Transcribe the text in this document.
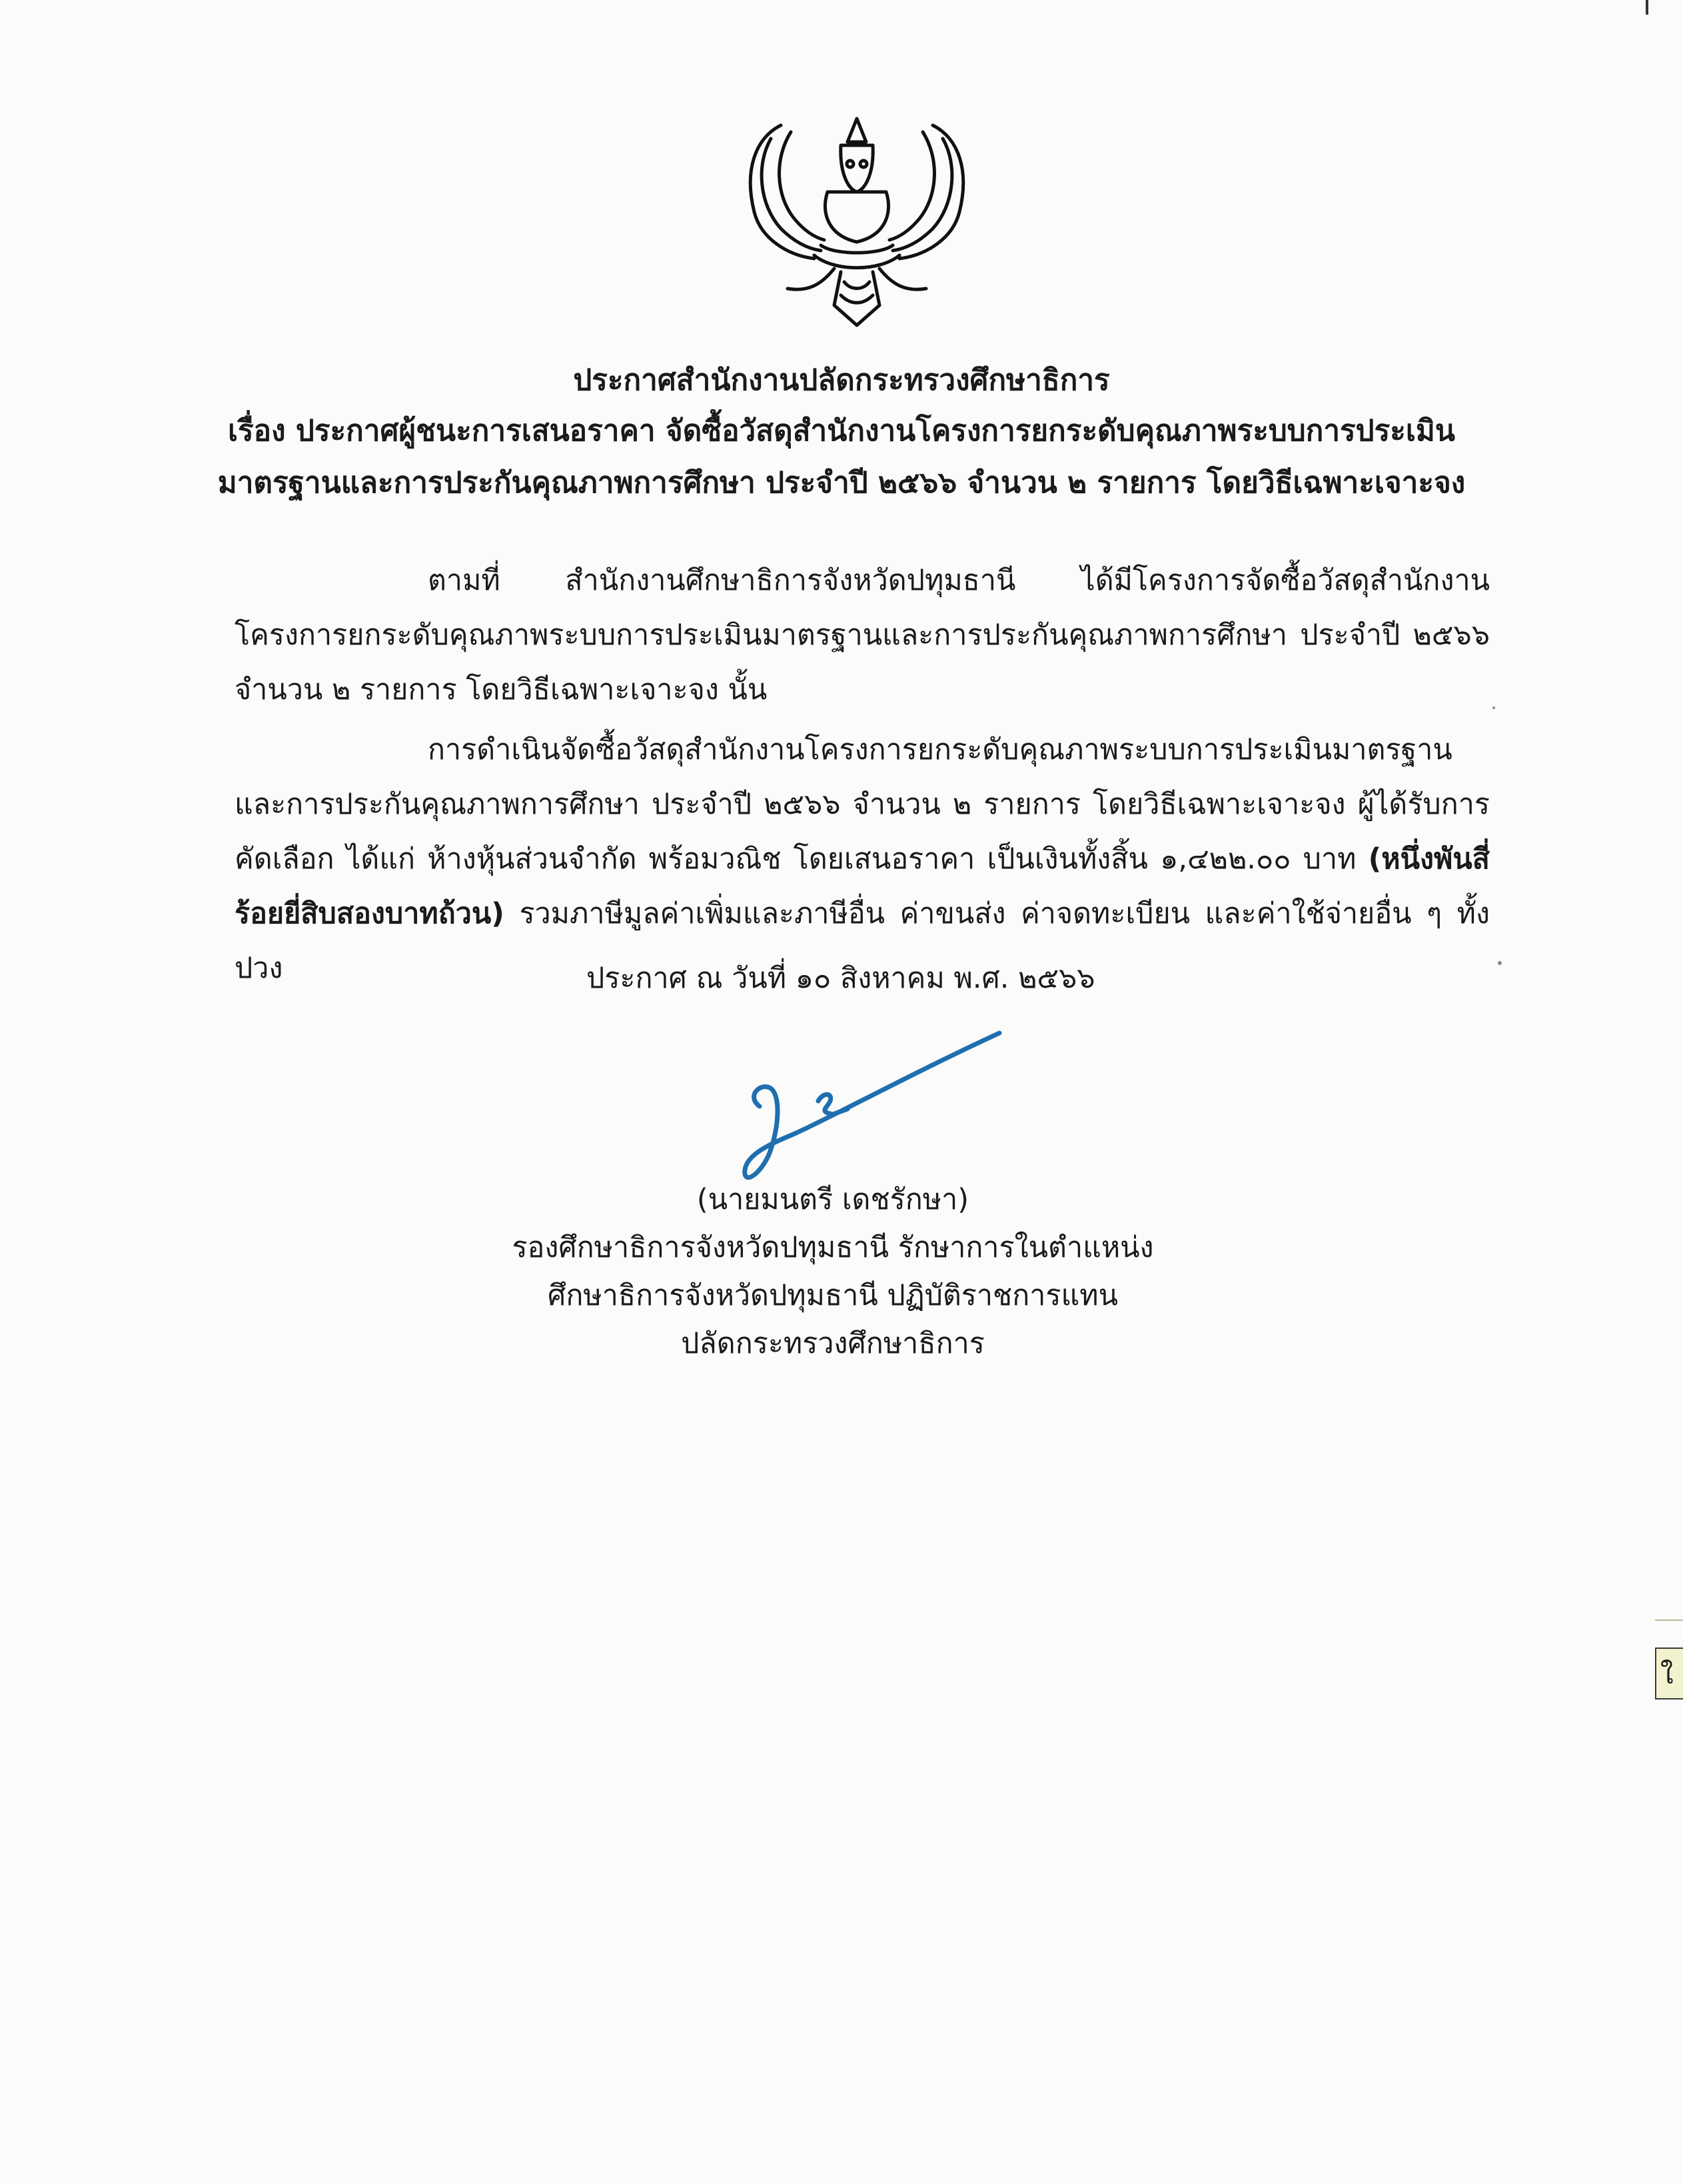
ประกาศสำนักงานปลัดกระทรวงศึกษาธิการ
เรื่อง ประกาศผู้ชนะการเสนอราคา จัดซื้อวัสดุสำนักงานโครงการยกระดับคุณภาพระบบการประเมิน
มาตรฐานและการประกันคุณภาพการศึกษา ประจำปี ๒๕๖๖ จำนวน ๒ รายการ โดยวิธีเฉพาะเจาะจง
ตามที่ สำนักงานศึกษาธิการจังหวัดปทุมธานี ได้มีโครงการจัดซื้อวัสดุสำนักงานโครงการยกระดับคุณภาพระบบการประเมินมาตรฐานและการประกันคุณภาพการศึกษา ประจำปี ๒๕๖๖ จำนวน ๒ รายการ โดยวิธีเฉพาะเจาะจง นั้น
การดำเนินจัดซื้อวัสดุสำนักงานโครงการยกระดับคุณภาพระบบการประเมินมาตรฐานและการประกันคุณภาพการศึกษา ประจำปี ๒๕๖๖ จำนวน ๒ รายการ โดยวิธีเฉพาะเจาะจง ผู้ได้รับการคัดเลือก ได้แก่ ห้างหุ้นส่วนจำกัด พร้อมวณิช โดยเสนอราคา เป็นเงินทั้งสิ้น ๑,๔๒๒.๐๐ บาท (หนึ่งพันสี่ร้อยยี่สิบสองบาทถ้วน) รวมภาษีมูลค่าเพิ่มและภาษีอื่น ค่าขนส่ง ค่าจดทะเบียน และค่าใช้จ่ายอื่น ๆ ทั้งปวง	ประกาศ ณ วันที่ ๑๐ สิงหาคม พ.ศ. ๒๕๖๖
(นายมนตรี เดชรักษา)
รองศึกษาธิการจังหวัดปทุมธานี รักษาการในตำแหน่ง
ศึกษาธิการจังหวัดปทุมธานี ปฏิบัติราชการแทน
ปลัดกระทรวงศึกษาธิการ
ใ
